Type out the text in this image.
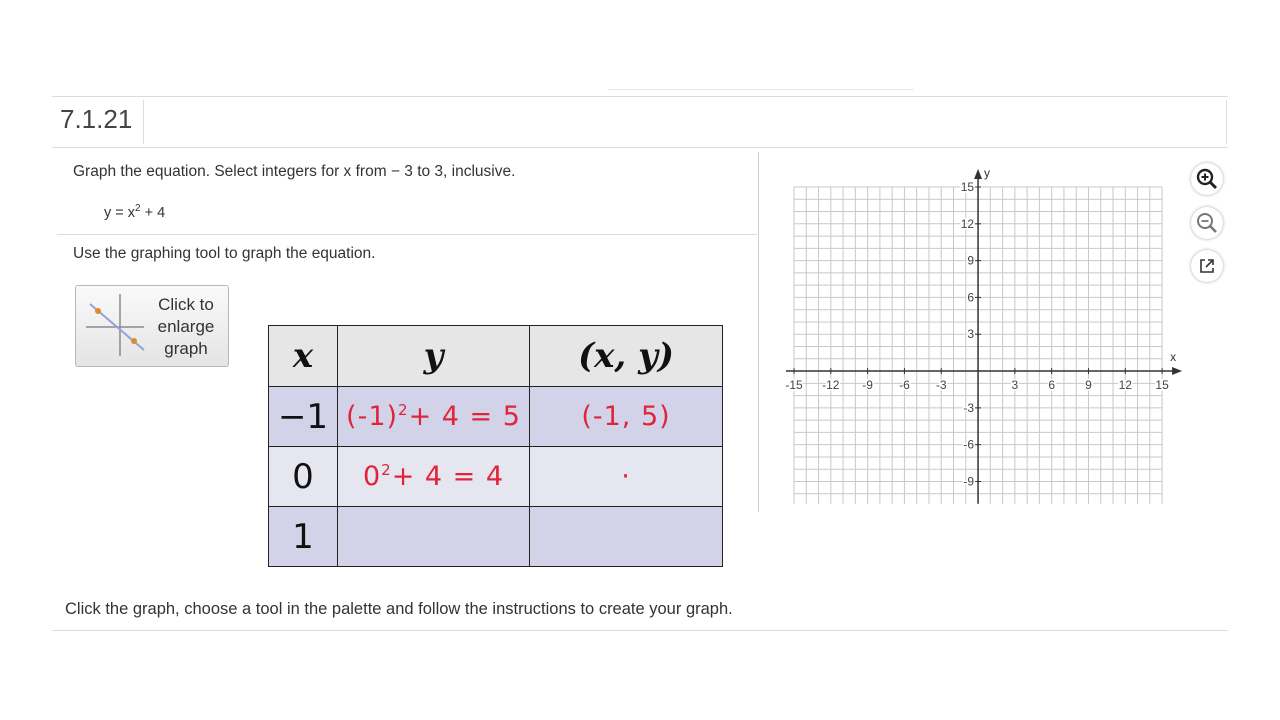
7.1.21
Graph the equation. Select integers for x from − 3 to 3, inclusive.
$y = x^2 + 4$
Use the graphing tool to graph the equation.
Click to enlarge graph	x	y	(x, y)
−1	$(-1)^2+ 4 = 5$	(-1, 5)
0	$0^2+ 4 = 4$	·
1		
x
y
-15 -12 -9 -6 -3	3	6	9 12 15
15
12
9
6
3
-3
-6
-9
Click the graph, choose a tool in the palette and follow the instructions to create your graph.
